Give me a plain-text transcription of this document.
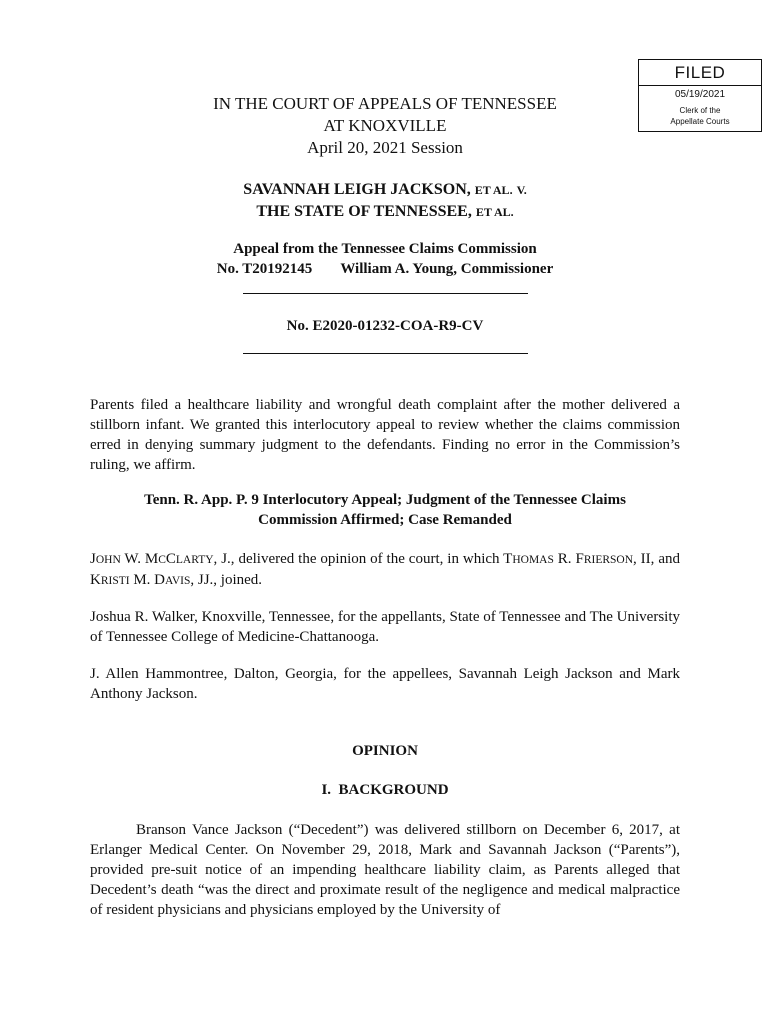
FILED
05/19/2021
Clerk of the
Appellate Courts
IN THE COURT OF APPEALS OF TENNESSEE
AT KNOXVILLE
April 20, 2021 Session
SAVANNAH LEIGH JACKSON, ET AL. V.
THE STATE OF TENNESSEE, ET AL.
Appeal from the Tennessee Claims Commission
No. T20192145 William A. Young, Commissioner
No. E2020-01232-COA-R9-CV
Parents filed a healthcare liability and wrongful death complaint after the mother delivered a stillborn infant. We granted this interlocutory appeal to review whether the claims commission erred in denying summary judgment to the defendants. Finding no error in the Commission’s ruling, we affirm.
Tenn. R. App. P. 9 Interlocutory Appeal; Judgment of the Tennessee Claims
Commission Affirmed; Case Remanded
JOHN W. MCCLARTY, J., delivered the opinion of the court, in which THOMAS R. FRIERSON, II, and KRISTI M. DAVIS, JJ., joined.
Joshua R. Walker, Knoxville, Tennessee, for the appellants, State of Tennessee and The University of Tennessee College of Medicine-Chattanooga.
J. Allen Hammontree, Dalton, Georgia, for the appellees, Savannah Leigh Jackson and Mark Anthony Jackson.
OPINION
I.  BACKGROUND
Branson Vance Jackson (“Decedent”) was delivered stillborn on December 6, 2017, at Erlanger Medical Center. On November 29, 2018, Mark and Savannah Jackson (“Parents”), provided pre-suit notice of an impending healthcare liability claim, as Parents alleged that Decedent’s death “was the direct and proximate result of the negligence and medical malpractice of resident physicians and physicians employed by the University of
